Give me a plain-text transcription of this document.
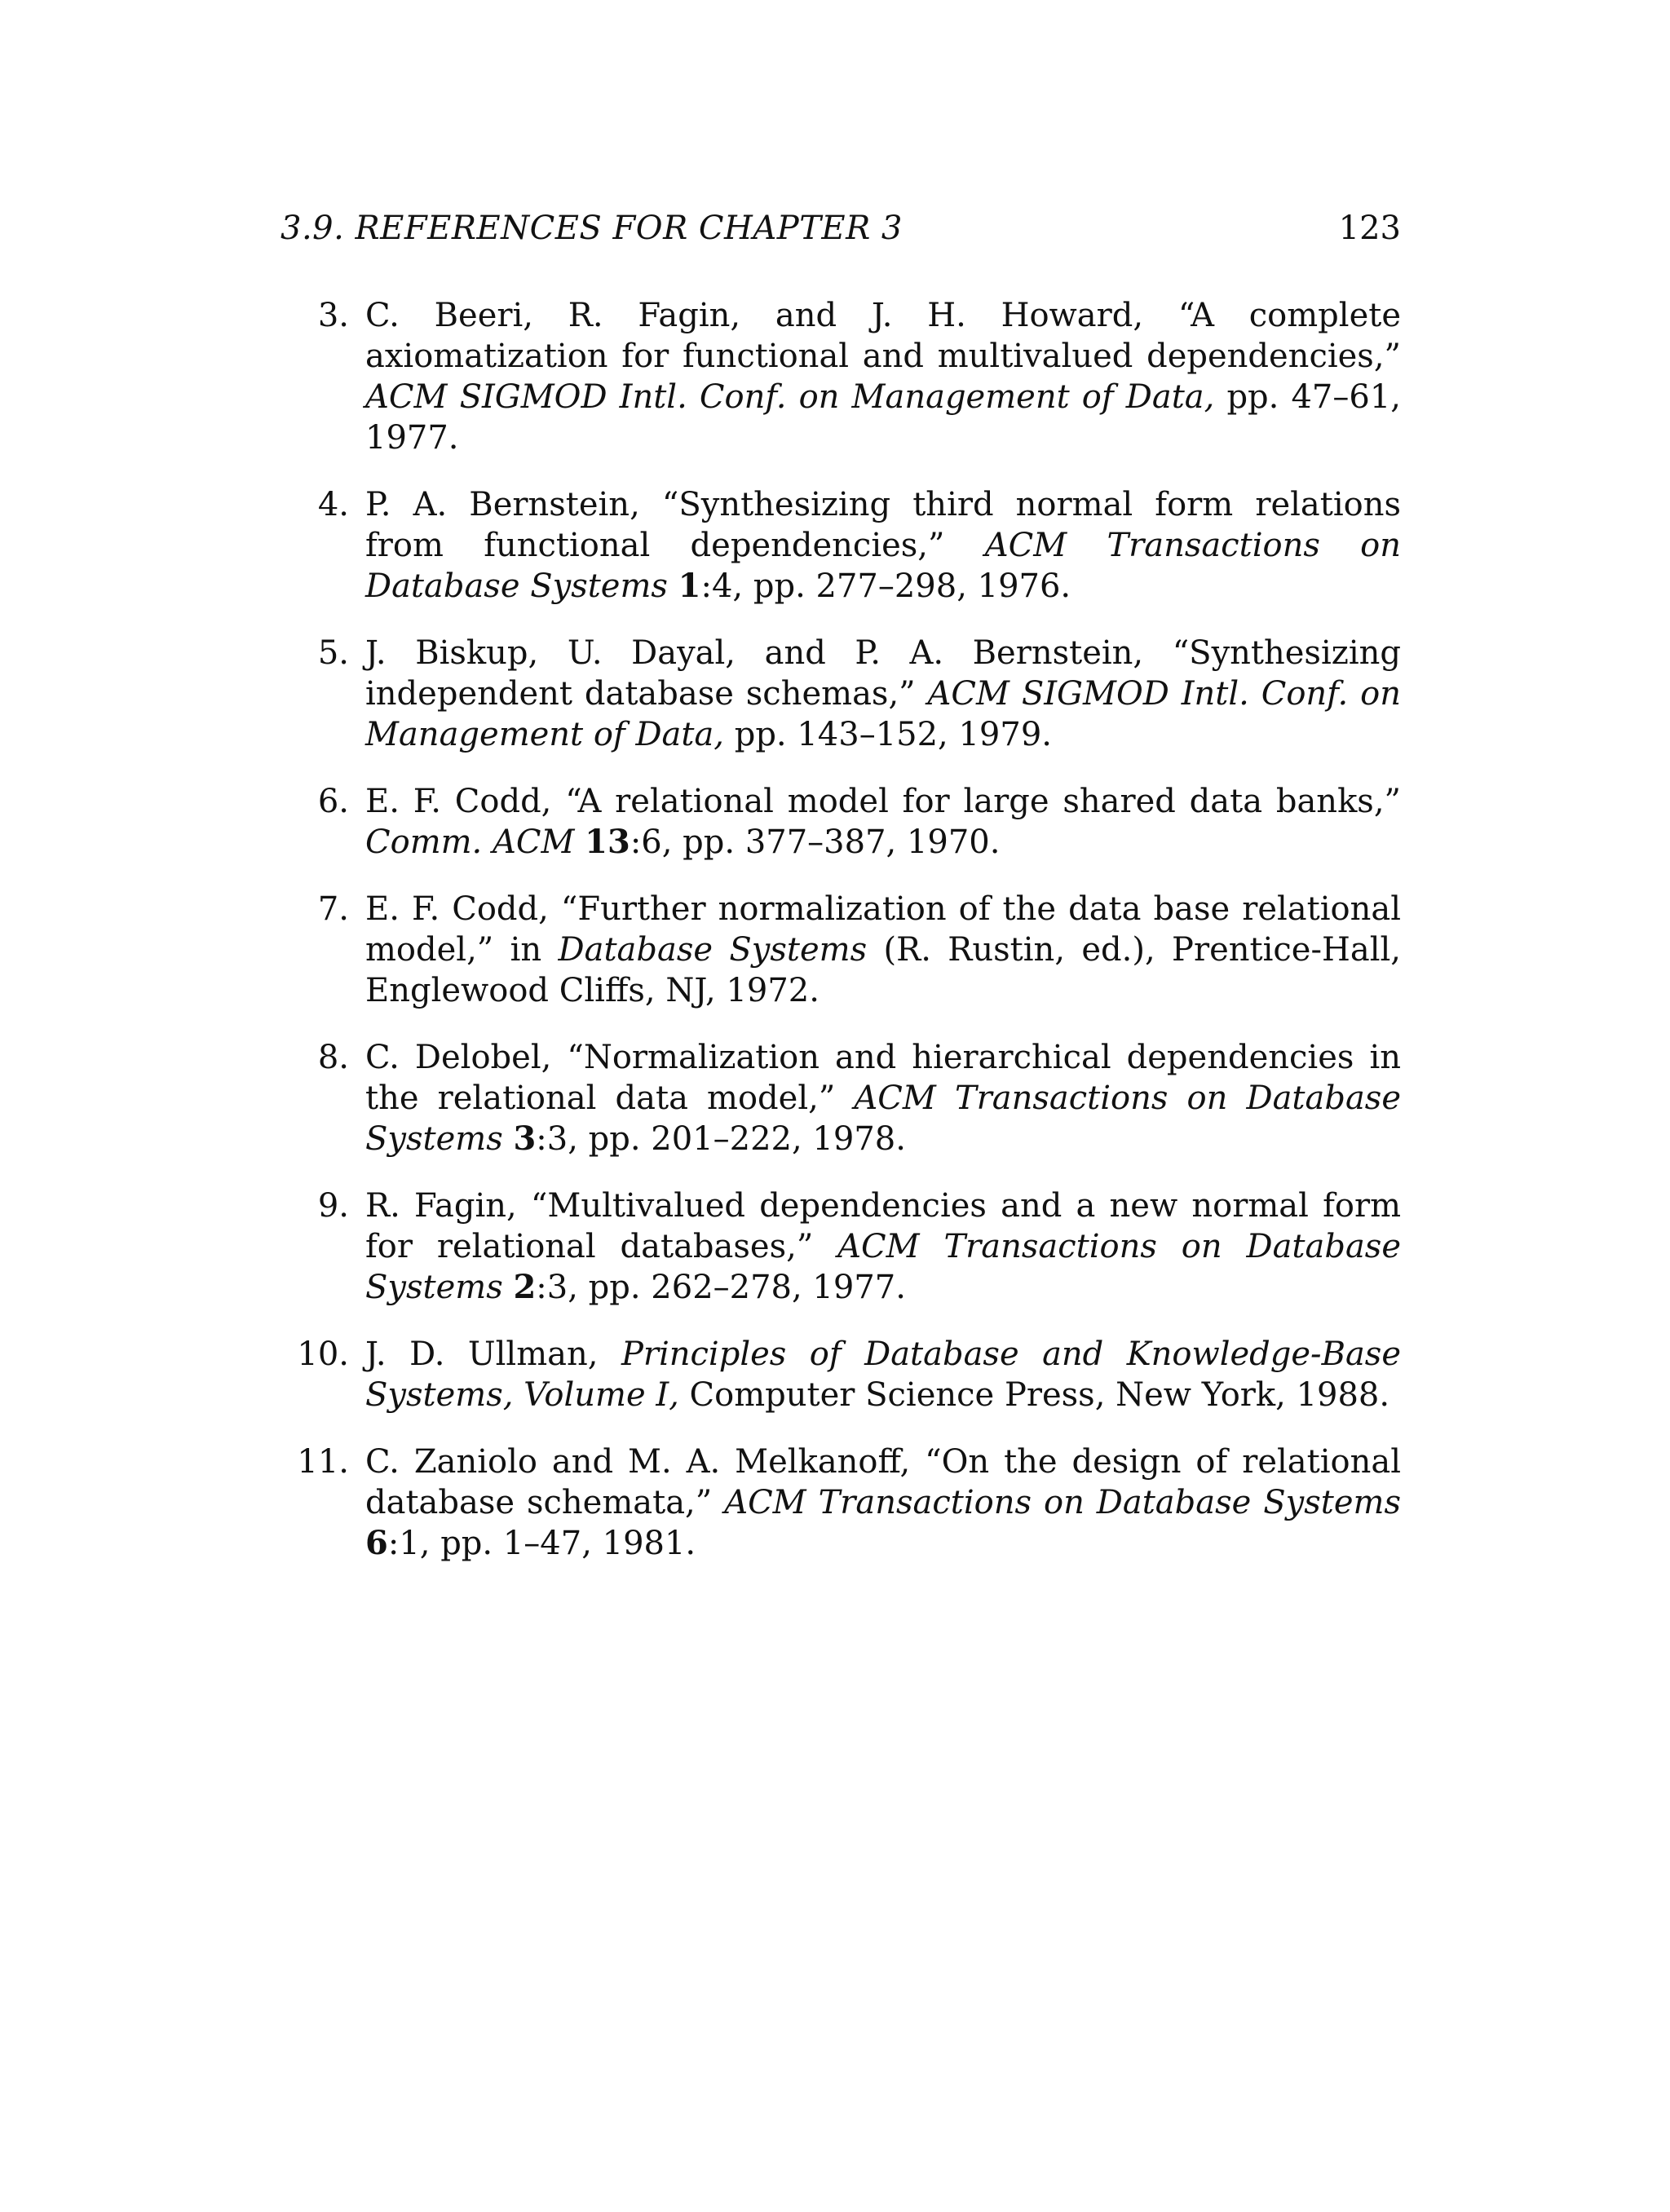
3.9. REFERENCES FOR CHAPTER 3	123
3. C. Beeri, R. Fagin, and J. H. Howard, “A complete axiomatization for functional and multivalued dependencies,” ACM SIGMOD Intl. Conf. on Management of Data, pp. 47–61, 1977.
4. P. A. Bernstein, “Synthesizing third normal form relations from functional dependencies,” ACM Transactions on Database Systems 1:4, pp. 277–298, 1976.
5. J. Biskup, U. Dayal, and P. A. Bernstein, “Synthesizing independent database schemas,” ACM SIGMOD Intl. Conf. on Management of Data, pp. 143–152, 1979.
6. E. F. Codd, “A relational model for large shared data banks,” Comm. ACM 13:6, pp. 377–387, 1970.
7. E. F. Codd, “Further normalization of the data base relational model,” in Database Systems (R. Rustin, ed.), Prentice-Hall, Englewood Cliffs, NJ, 1972.
8. C. Delobel, “Normalization and hierarchical dependencies in the relational data model,” ACM Transactions on Database Systems 3:3, pp. 201–222, 1978.
9. R. Fagin, “Multivalued dependencies and a new normal form for relational databases,” ACM Transactions on Database Systems 2:3, pp. 262–278, 1977.
10. J. D. Ullman, Principles of Database and Knowledge-Base Systems, Volume I, Computer Science Press, New York, 1988.
11. C. Zaniolo and M. A. Melkanoff, “On the design of relational database schemata,” ACM Transactions on Database Systems 6:1, pp. 1–47, 1981.
